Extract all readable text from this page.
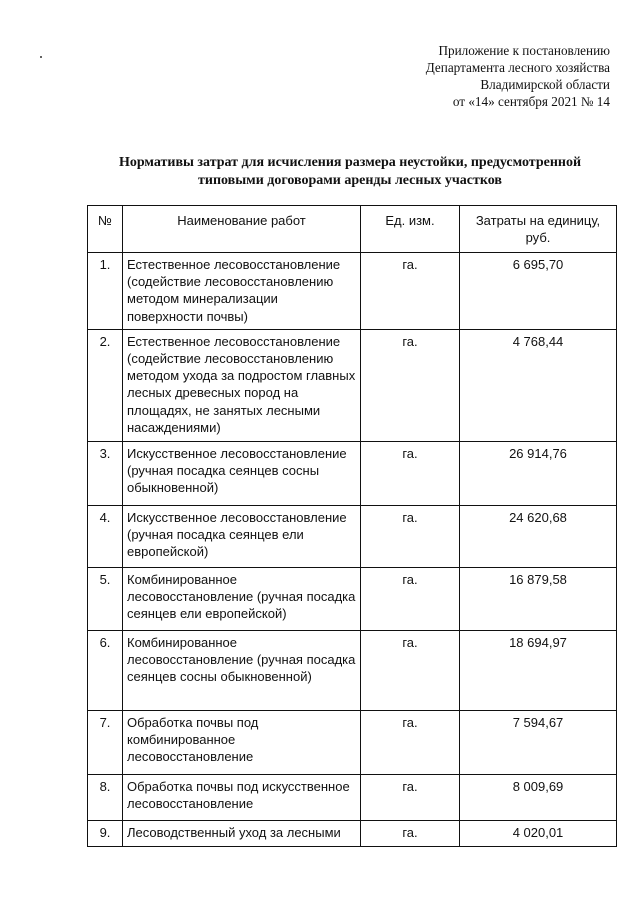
Приложение к постановлению
Департамента лесного хозяйства
Владимирской области
от «14» сентября 2021 № 14
Нормативы затрат для исчисления размера неустойки, предусмотренной
типовыми договорами аренды лесных участков
№	Наименование работ	Ед. изм.	Затраты на единицу, руб.
1.	Естественное лесовосстановление (содействие лесовосстановлению методом минерализации поверхности почвы)	га.	6 695,70
2.	Естественное лесовосстановление (содействие лесовосстановлению методом ухода за подростом главных лесных древесных пород на площадях, не занятых лесными насаждениями)	га.	4 768,44
3.	Искусственное лесовосстановление (ручная посадка сеянцев сосны обыкновенной)	га.	26 914,76
4.	Искусственное лесовосстановление (ручная посадка сеянцев ели европейской)	га.	24 620,68
5.	Комбинированное лесовосстановление (ручная посадка сеянцев ели европейской)	га.	16 879,58
6.	Комбинированное лесовосстановление (ручная посадка сеянцев сосны обыкновенной)	га.	18 694,97
7.	Обработка почвы под комбинированное лесовосстановление	га.	7 594,67
8.	Обработка почвы под искусственное лесовосстановление	га.	8 009,69
9.	Лесоводственный уход за лесными	га.	4 020,01
